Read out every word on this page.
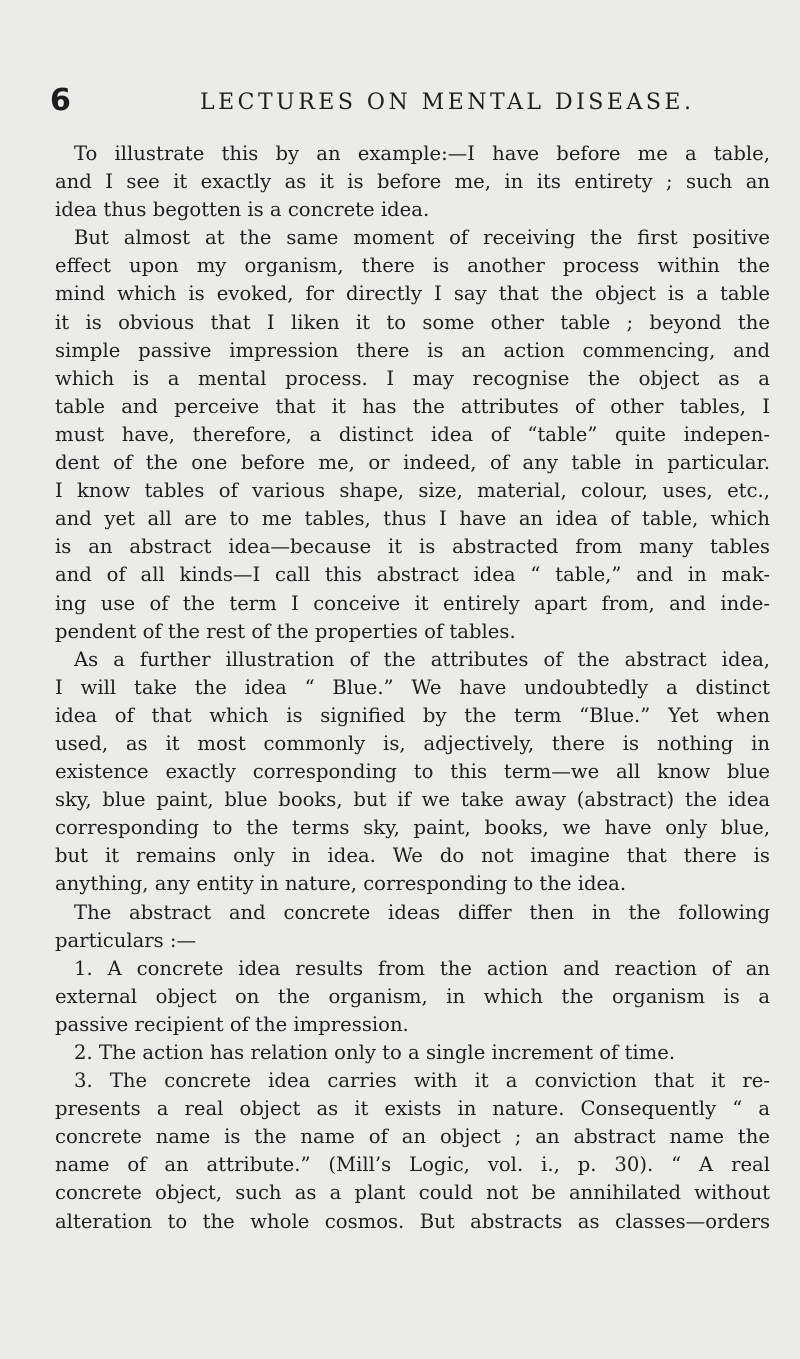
6	LECTURES ON MENTAL DISEASE.
To illustrate this by an example:—I have before me a table,
and I see it exactly as it is before me, in its entirety ; such an
idea thus begotten is a concrete idea.
But almost at the same moment of receiving the first positive
effect upon my organism, there is another process within the
mind which is evoked, for directly I say that the object is a table
it is obvious that I liken it to some other table ; beyond the
simple passive impression there is an action commencing, and
which is a mental process. I may recognise the object as a
table and perceive that it has the attributes of other tables, I
must have, therefore, a distinct idea of “table” quite indepen-
dent of the one before me, or indeed, of any table in particular.
I know tables of various shape, size, material, colour, uses, etc.,
and yet all are to me tables, thus I have an idea of table, which
is an abstract idea—because it is abstracted from many tables
and of all kinds—I call this abstract idea “ table,” and in mak-
ing use of the term I conceive it entirely apart from, and inde-
pendent of the rest of the properties of tables.
As a further illustration of the attributes of the abstract idea,
I will take the idea “ Blue.” We have undoubtedly a distinct
idea of that which is signified by the term “Blue.” Yet when
used, as it most commonly is, adjectively, there is nothing in
existence exactly corresponding to this term—we all know blue
sky, blue paint, blue books, but if we take away (abstract) the idea
corresponding to the terms sky, paint, books, we have only blue,
but it remains only in idea. We do not imagine that there is
anything, any entity in nature, corresponding to the idea.
The abstract and concrete ideas differ then in the following
particulars :—
1. A concrete idea results from the action and reaction of an
external object on the organism, in which the organism is a
passive recipient of the impression.
2. The action has relation only to a single increment of time.
3. The concrete idea carries with it a conviction that it re-
presents a real object as it exists in nature. Consequently “ a
concrete name is the name of an object ; an abstract name the
name of an attribute.” (Mill’s Logic, vol. i., p. 30). “ A real
concrete object, such as a plant could not be annihilated without
alteration to the whole cosmos. But abstracts as classes—orders
